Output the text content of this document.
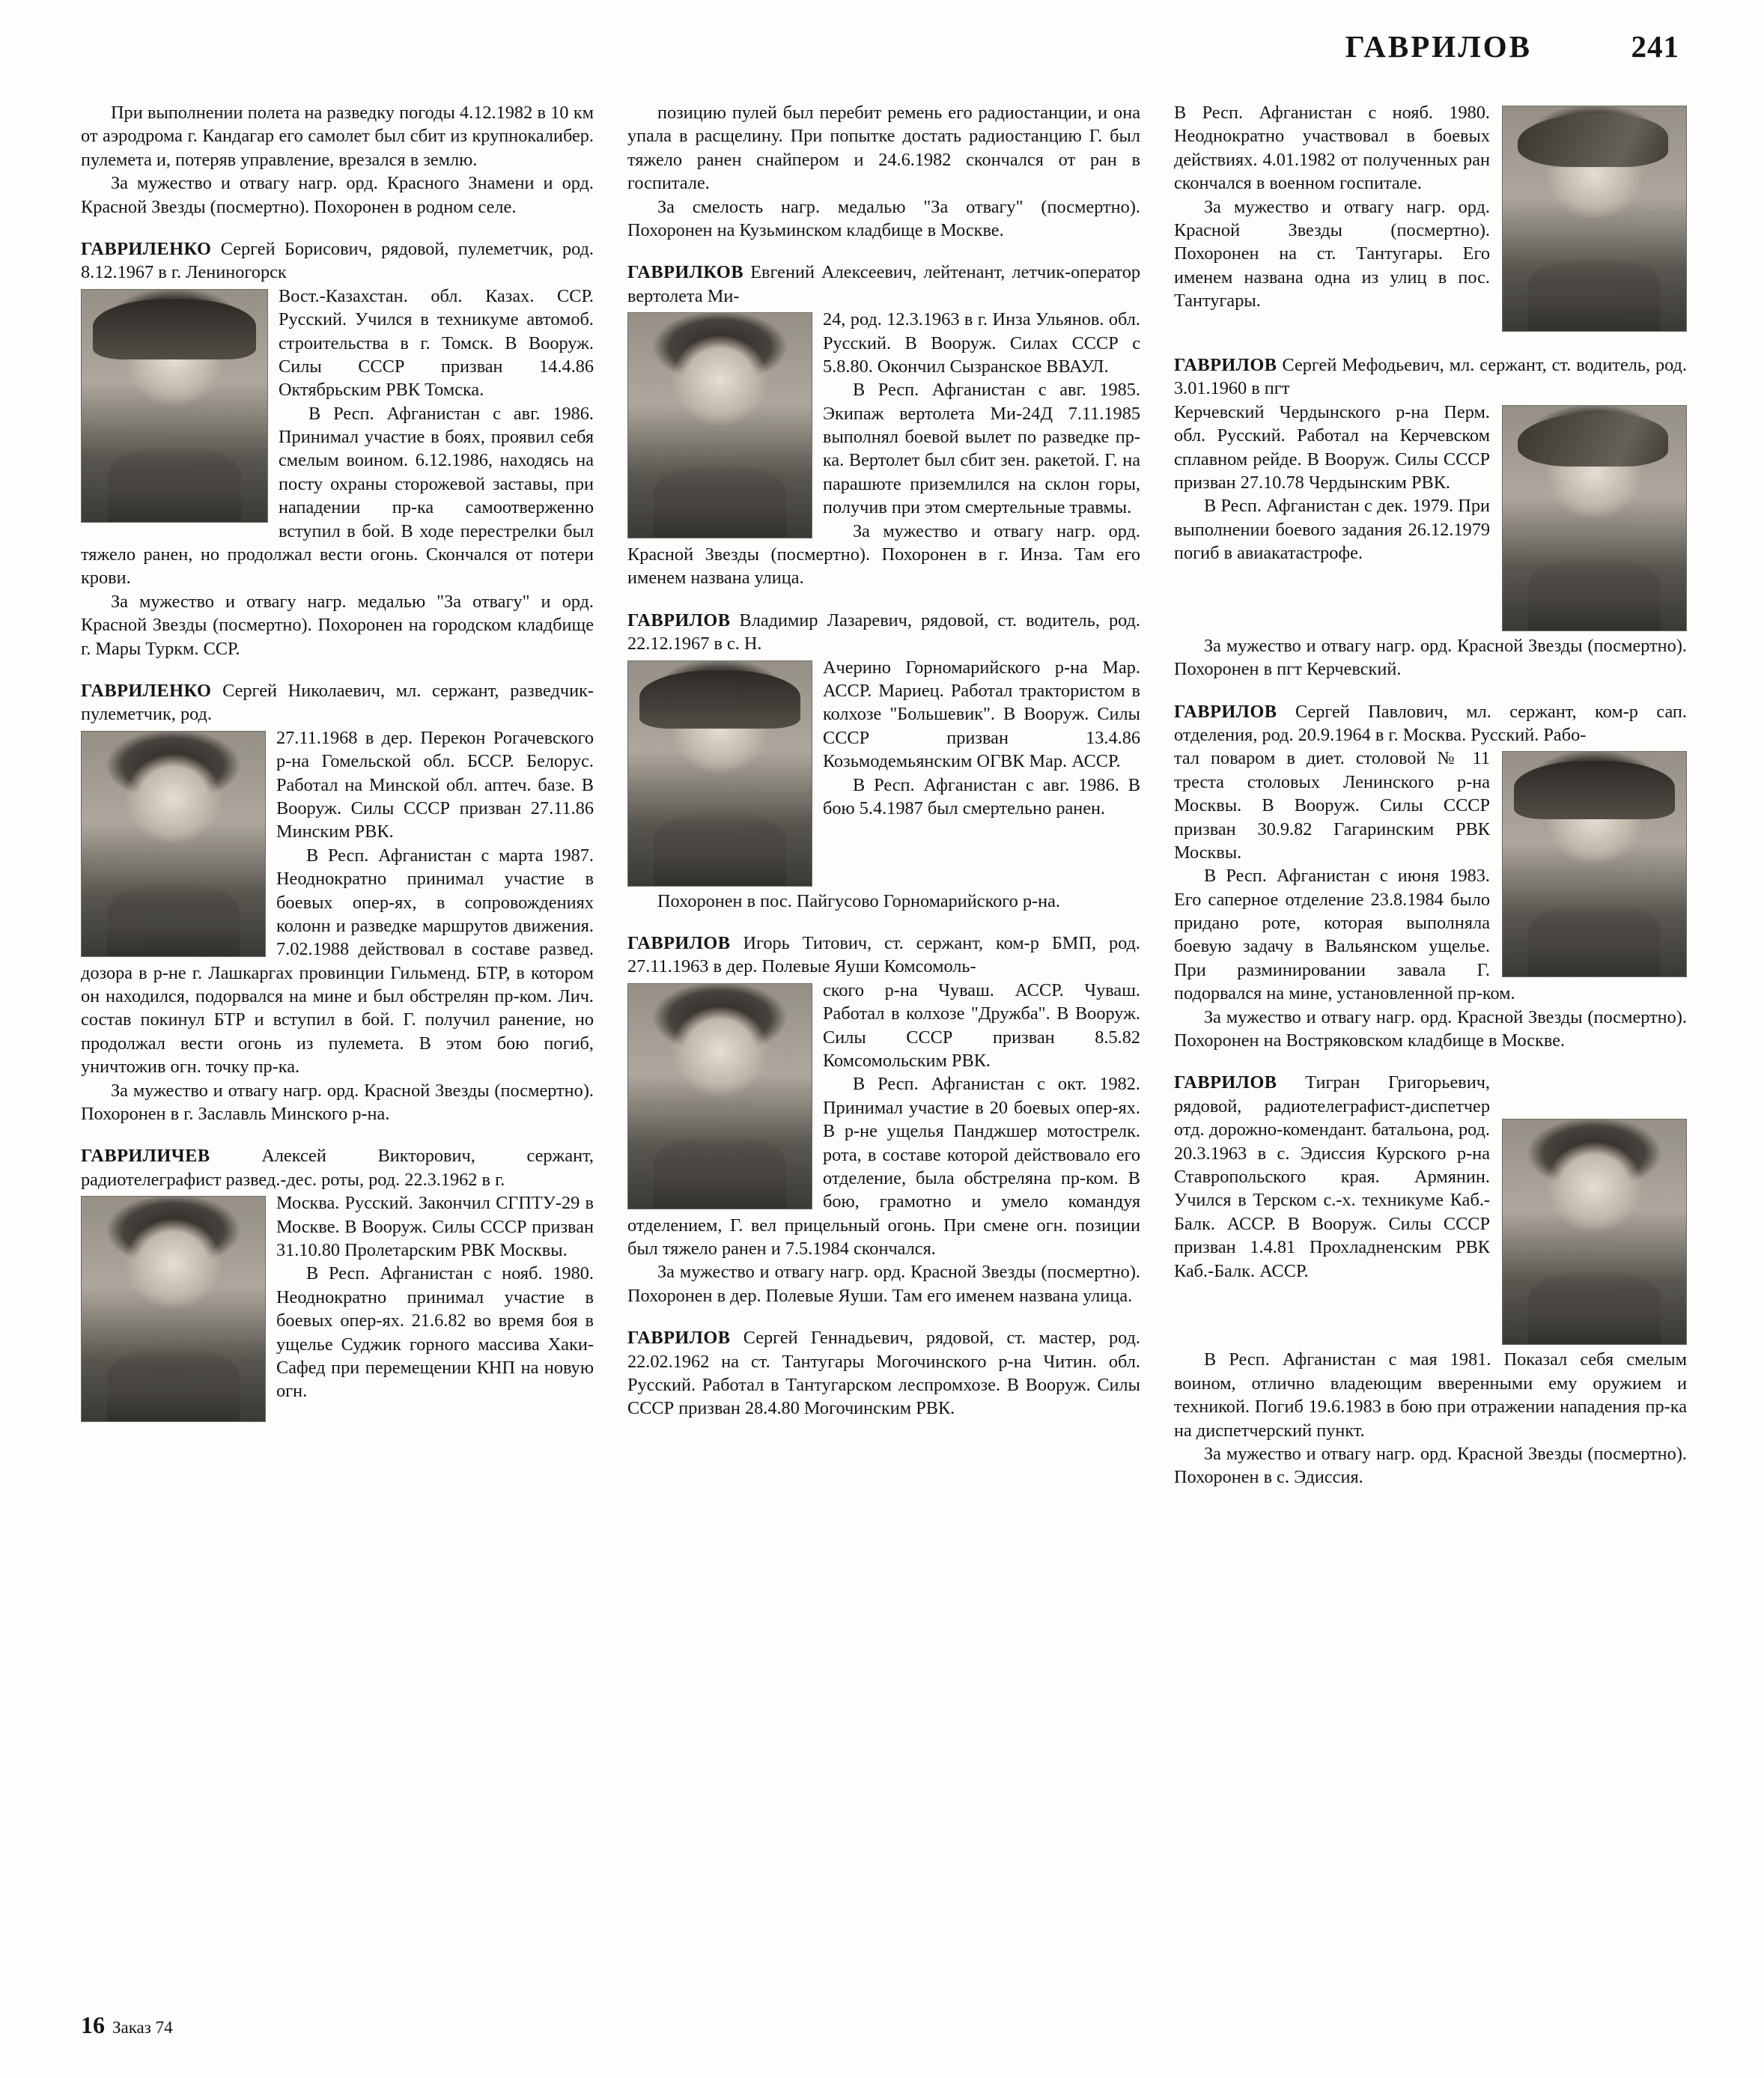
ГАВРИЛОВ	241

При выполнении полета на разведку погоды 4.12.1982 в 10 км от аэродрома г. Кандагар его самолет был сбит из крупнокалибер. пулемета и, потеряв управление, врезался в землю.

За мужество и отвагу нагр. орд. Красного Знамени и орд. Красной Звезды (посмертно). Похоронен в родном селе.

ГАВРИЛЕНКО Сергей Борисович, рядовой, пулеметчик, род. 8.12.1967 в г. Лениногорск

Вост.-Казахстан. обл. Казах. ССР. Русский. Учился в техникуме автомоб. строительства в г. Томск. В Вооруж. Силы СССР призван 14.4.86 Октябрьским РВК Томска.

В Респ. Афганистан с авг. 1986. Принимал участие в боях, проявил себя смелым воином. 6.12.1986, находясь на посту охраны сторожевой заставы, при нападении пр-ка самоотверженно вступил в бой. В ходе перестрелки был тяжело ранен, но продолжал вести огонь. Скончался от потери крови.

За мужество и отвагу нагр. медалью "За отвагу" и орд. Красной Звезды (посмертно). Похоронен на городском кладбище г. Мары Туркм. ССР.

ГАВРИЛЕНКО Сергей Николаевич, мл. сержант, разведчик-пулеметчик, род.

27.11.1968 в дер. Перекон Рогачевского р-на Гомельской обл. БССР. Белорус. Работал на Минской обл. аптеч. базе. В Вооруж. Силы СССР призван 27.11.86 Минским РВК.

В Респ. Афганистан с марта 1987. Неоднократно принимал участие в боевых опер-ях, в сопровождениях колонн и разведке маршрутов движения. 7.02.1988 действовал в составе развед. дозора в р-не г. Лашкаргах провинции Гильменд. БТР, в котором он находился, подорвался на мине и был обстрелян пр-ком. Лич. состав покинул БТР и вступил в бой. Г. получил ранение, но продолжал вести огонь из пулемета. В этом бою погиб, уничтожив огн. точку пр-ка.

За мужество и отвагу нагр. орд. Красной Звезды (посмертно). Похоронен в г. Заславль Минского р-на.

ГАВРИЛИЧЕВ Алексей Викторович, сержант, радиотелеграфист развед.-дес. роты, род. 22.3.1962 в г.

Москва. Русский. Закончил СГПТУ-29 в Москве. В Вооруж. Силы СССР призван 31.10.80 Пролетарским РВК Москвы.

В Респ. Афганистан с нояб. 1980. Неоднократно принимал участие в боевых опер-ях. 21.6.82 во время боя в ущелье Суджик горного массива Хаки-Сафед при перемещении КНП на новую огн.

позицию пулей был перебит ремень его радиостанции, и она упала в расщелину. При попытке достать радиостанцию Г. был тяжело ранен снайпером и 24.6.1982 скончался от ран в госпитале.

За смелость нагр. медалью "За отвагу" (посмертно). Похоронен на Кузьминском кладбище в Москве.

ГАВРИЛКОВ Евгений Алексеевич, лейтенант, летчик-оператор вертолета Ми-

24, род. 12.3.1963 в г. Инза Ульянов. обл. Русский. В Вооруж. Силах СССР с 5.8.80. Окончил Сызранское ВВАУЛ.

В Респ. Афганистан с авг. 1985. Экипаж вертолета Ми-24Д 7.11.1985 выполнял боевой вылет по разведке пр-ка. Вертолет был сбит зен. ракетой. Г. на парашюте приземлился на склон горы, получив при этом смертельные травмы.

За мужество и отвагу нагр. орд. Красной Звезды (посмертно). Похоронен в г. Инза. Там его именем названа улица.

ГАВРИЛОВ Владимир Лазаревич, рядовой, ст. водитель, род. 22.12.1967 в с. Н.

Ачерино Горномарийского р-на Мар. АССР. Мариец. Работал трактористом в колхозе "Большевик". В Вооруж. Силы СССР призван 13.4.86 Козьмодемьянским ОГВК Мар. АССР.

В Респ. Афганистан с авг. 1986. В бою 5.4.1987 был смертельно ранен.

Похоронен в пос. Пайгусово Горномарийского р-на.

ГАВРИЛОВ Игорь Титович, ст. сержант, ком-р БМП, род. 27.11.1963 в дер. Полевые Яуши Комсомоль-

ского р-на Чуваш. АССР. Чуваш. Работал в колхозе "Дружба". В Вооруж. Силы СССР призван 8.5.82 Комсомольским РВК.

В Респ. Афганистан с окт. 1982. Принимал участие в 20 боевых опер-ях. В р-не ущелья Панджшер мотострелк. рота, в составе которой действовало его отделение, была обстреляна пр-ком. В бою, грамотно и умело командуя отделением, Г. вел прицельный огонь. При смене огн. позиции был тяжело ранен и 7.5.1984 скончался.

За мужество и отвагу нагр. орд. Красной Звезды (посмертно). Похоронен в дер. Полевые Яуши. Там его именем названа улица.

ГАВРИЛОВ Сергей Геннадьевич, рядовой, ст. мастер, род. 22.02.1962 на ст. Тантугары Могочинского р-на Читин. обл. Русский. Работал в Тантугарском леспромхозе. В Вооруж. Силы СССР призван 28.4.80 Могочинским РВК.

В Респ. Афганистан с нояб. 1980. Неоднократно участвовал в боевых действиях. 4.01.1982 от полученных ран скончался в военном госпитале.

За мужество и отвагу нагр. орд. Красной Звезды (посмертно). Похоронен на ст. Тантугары. Его именем названа одна из улиц в пос. Тантугары.

ГАВРИЛОВ Сергей Мефодьевич, мл. сержант, ст. водитель, род. 3.01.1960 в пгт

Керчевский Чердынского р-на Перм. обл. Русский. Работал на Керчевском сплавном рейде. В Вооруж. Силы СССР призван 27.10.78 Чердынским РВК.

В Респ. Афганистан с дек. 1979. При выполнении боевого задания 26.12.1979 погиб в авиакатастрофе.

За мужество и отвагу нагр. орд. Красной Звезды (посмертно). Похоронен в пгт Керчевский.

ГАВРИЛОВ Сергей Павлович, мл. сержант, ком-р сап. отделения, род. 20.9.1964 в г. Москва. Русский. Рабо-

тал поваром в диет. столовой № 11 треста столовых Ленинского р-на Москвы. В Вооруж. Силы СССР призван 30.9.82 Гагаринским РВК Москвы.

В Респ. Афганистан с июня 1983. Его саперное отделение 23.8.1984 было придано роте, которая выполняла боевую задачу в Вальянском ущелье. При разминировании завала Г. подорвался на мине, установленной пр-ком.

За мужество и отвагу нагр. орд. Красной Звезды (посмертно). Похоронен на Востряковском кладбище в Москве.

ГАВРИЛОВ Тигран Григорьевич, рядовой, радиотелеграфист-диспетчер отд. дорожно-комендант. батальона, род. 20.3.1963 в с. Эдиссия Курского р-на Ставропольского края. Армянин. Учился в Терском с.-х. техникуме Каб.-Балк. АССР. В Вооруж. Силы СССР призван 1.4.81 Прохладненским РВК Каб.-Балк. АССР.

В Респ. Афганистан с мая 1981. Показал себя смелым воином, отлично владеющим вверенными ему оружием и техникой. Погиб 19.6.1983 в бою при отражении нападения пр-ка на диспетчерский пункт.

За мужество и отвагу нагр. орд. Красной Звезды (посмертно). Похоронен в с. Эдиссия.

16 Заказ 74
